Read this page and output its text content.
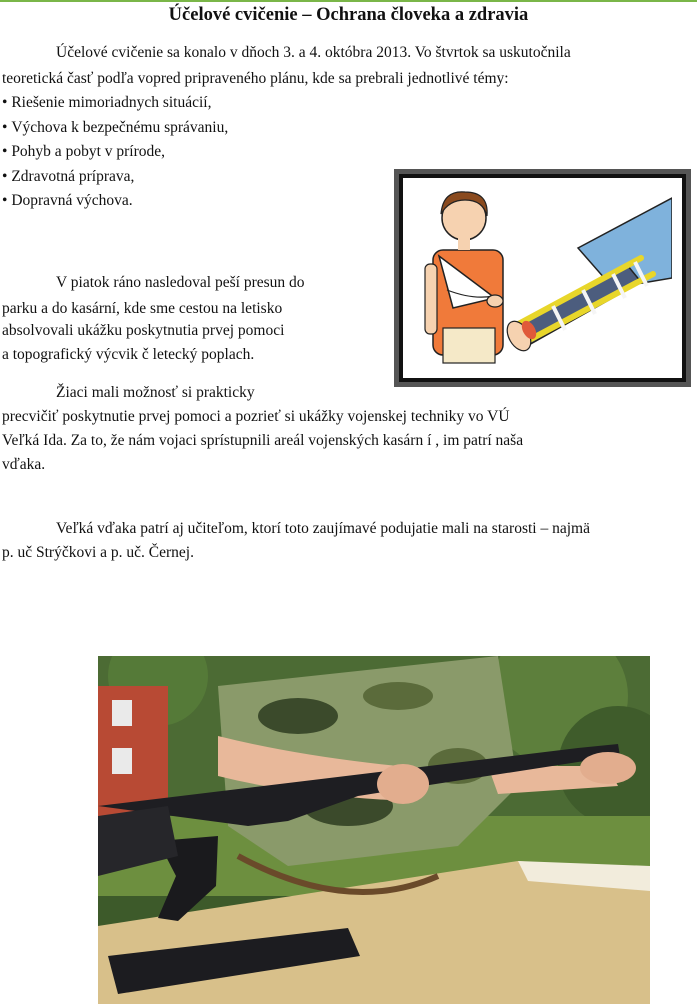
Účelové cvičenie – Ochrana človeka a zdravia
Účelové cvičenie sa konalo v dňoch 3. a 4. októbra 2013. Vo štvrtok sa uskutočnila
teoretická časť podľa vopred pripraveného plánu, kde sa prebrali jednotlivé témy:
• Riešenie mimoriadnych situácií,
• Výchova k bezpečnému správaniu,
• Pohyb a pobyt v prírode,
• Zdravotná príprava,
• Dopravná výchova.
V piatok ráno nasledoval peší presun do
parku a do kasární, kde sme cestou na letisko
absolvovali ukážku poskytnutia prvej pomoci
a topografický výcvik č letecký poplach.
Žiaci mali možnosť si prakticky
precvičiť poskytnutie prvej pomoci a pozrieť si ukážky vojenskej techniky vo VÚ
Veľká Ida. Za to, že nám vojaci sprístupnili areál vojenských kasárn í , im patrí naša
vďaka.
Veľká vďaka patrí aj učiteľom, ktorí toto zaujímavé podujatie mali na starosti – najmä
p. uč Strýčkovi a p. uč. Černej.
